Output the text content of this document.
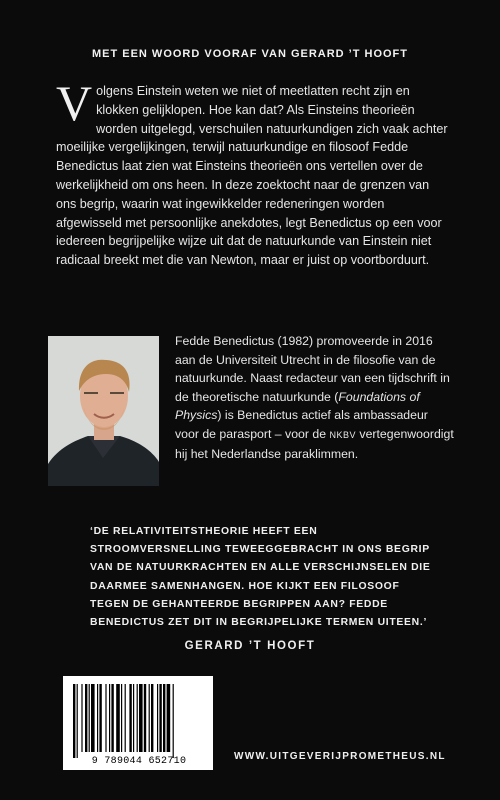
MET EEN WOORD VOORAF VAN GERARD ’T HOOFT
Volgens Einstein weten we niet of meetlatten recht zijn en klokken gelijklopen. Hoe kan dat? Als Einsteins theorieën worden uitgelegd, verschuilen natuurkundigen zich vaak achter moeilijke vergelijkingen, terwijl natuurkundige en filosoof Fedde Benedictus laat zien wat Einsteins theorieën ons vertellen over de werkelijkheid om ons heen. In deze zoektocht naar de grenzen van ons begrip, waarin wat ingewikkelder redeneringen worden afgewisseld met persoonlijke anekdotes, legt Benedictus op een voor iedereen begrijpelijke wijze uit dat de natuurkunde van Einstein niet radicaal breekt met die van Newton, maar er juist op voortborduurt.
Fedde Benedictus (1982) promoveerde in 2016 aan de Universiteit Utrecht in de filosofie van de natuurkunde. Naast redacteur van een tijdschrift in de theoretische natuurkunde (Foundations of Physics) is Benedictus actief als ambassadeur voor de parasport – voor de NKBV vertegenwoordigt hij het Nederlandse paraklimmen.
‘DE RELATIVITEITSTHEORIE HEEFT EEN STROOMVERSNELLING TEWEEGGEBRACHT IN ONS BEGRIP VAN DE NATUURKRACHTEN EN ALLE VERSCHIJNSELEN DIE DAARMEE SAMENHANGEN. HOE KIJKT EEN FILOSOOF TEGEN DE GEHANTEERDE BEGRIPPEN AAN? FEDDE BENEDICTUS ZET DIT IN BEGRIJPELIJKE TERMEN UITEEN.’
GERARD ’T HOOFT
9 789044 652710	WWW.UITGEVERIJPROMETHEUS.NL
